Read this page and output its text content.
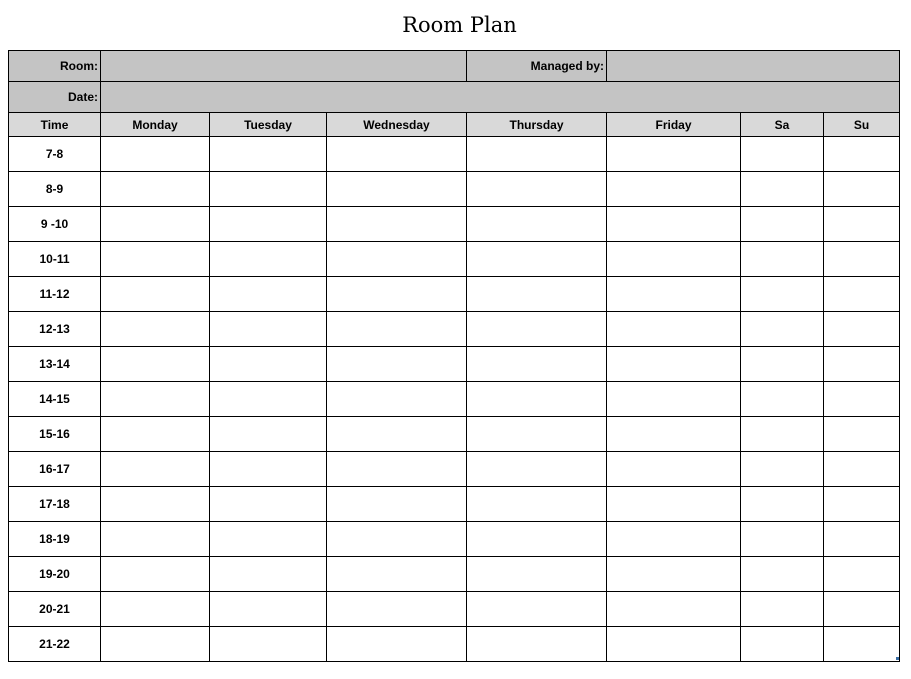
Room Plan
Room:				Managed by:			
Date:							
Time	Monday	Tuesday	Wednesday	Thursday	Friday	Sa	Su
7-8							
8-9							
9 -10							
10-11							
11-12							
12-13							
13-14							
14-15							
15-16							
16-17							
17-18							
18-19							
19-20							
20-21							
21-22							
